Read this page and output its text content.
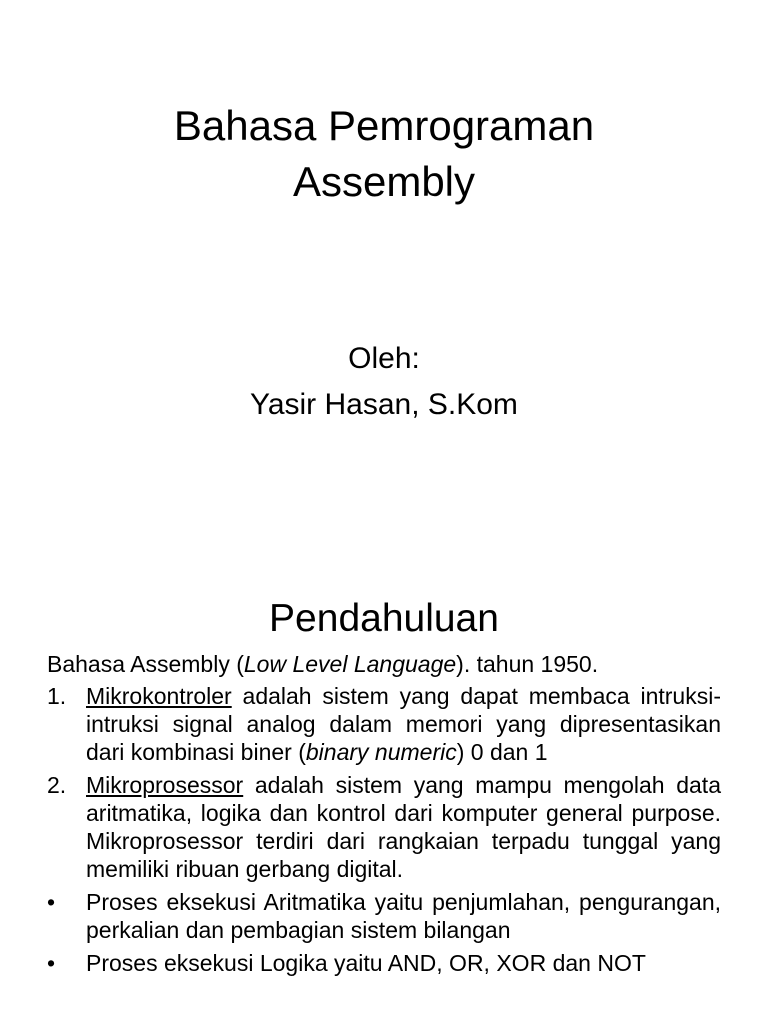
Bahasa Pemrograman
Assembly
Oleh:
Yasir Hasan, S.Kom
Pendahuluan

Bahasa Assembly (Low Level Language). tahun 1950.

1. Mikrokontroler adalah sistem yang dapat membaca intruksi-intruksi signal analog dalam memori yang dipresentasikan dari kombinasi biner (binary numeric) 0 dan 1
2. Mikroprosessor adalah sistem yang mampu mengolah data aritmatika, logika dan kontrol dari komputer general purpose. Mikroprosessor terdiri dari rangkaian terpadu tunggal yang memiliki ribuan gerbang digital.
• Proses eksekusi Aritmatika yaitu penjumlahan, pengurangan, perkalian dan pembagian sistem bilangan
• Proses eksekusi Logika yaitu AND, OR, XOR dan NOT
